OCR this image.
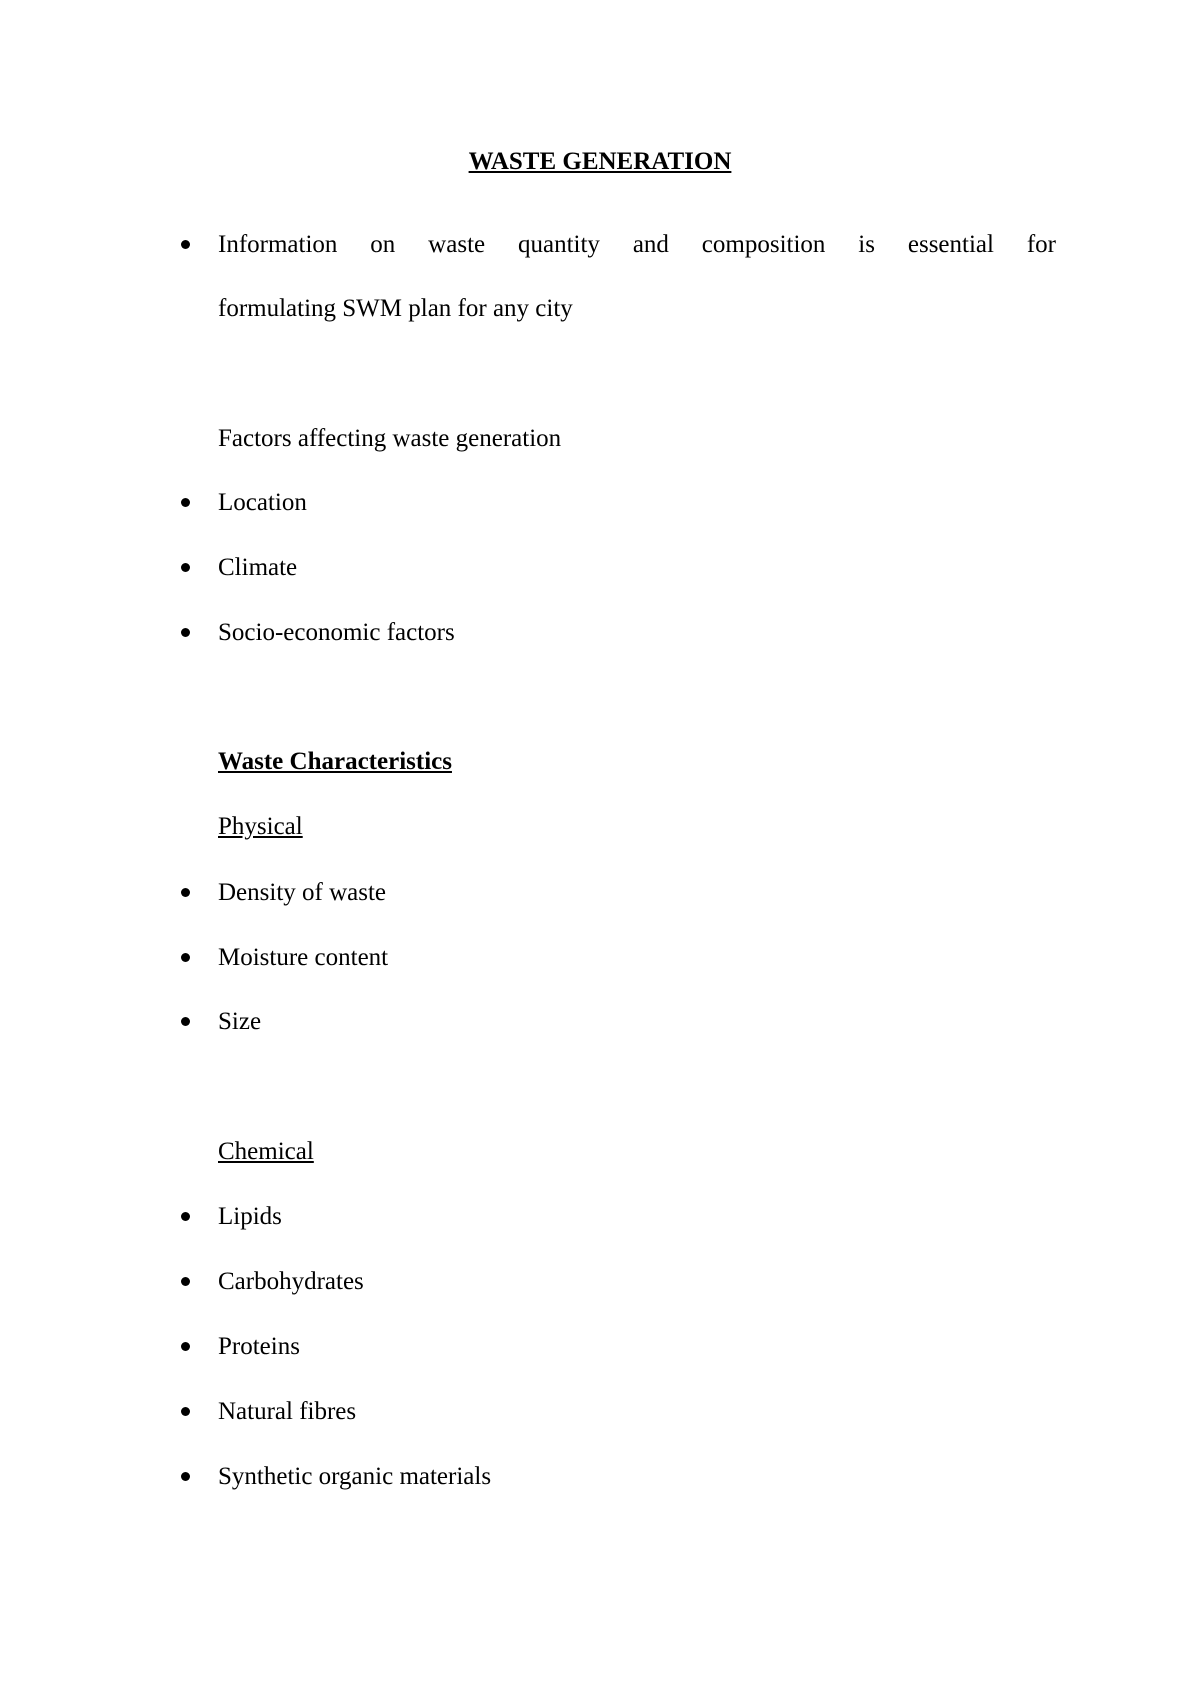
WASTE GENERATION
Information on waste quantity and composition is essential for
formulating SWM plan for any city
Factors affecting waste generation
Location
Climate
Socio-economic factors
Waste Characteristics
Physical
Density of waste
Moisture content
Size
Chemical
Lipids
Carbohydrates
Proteins
Natural fibres
Synthetic organic materials
